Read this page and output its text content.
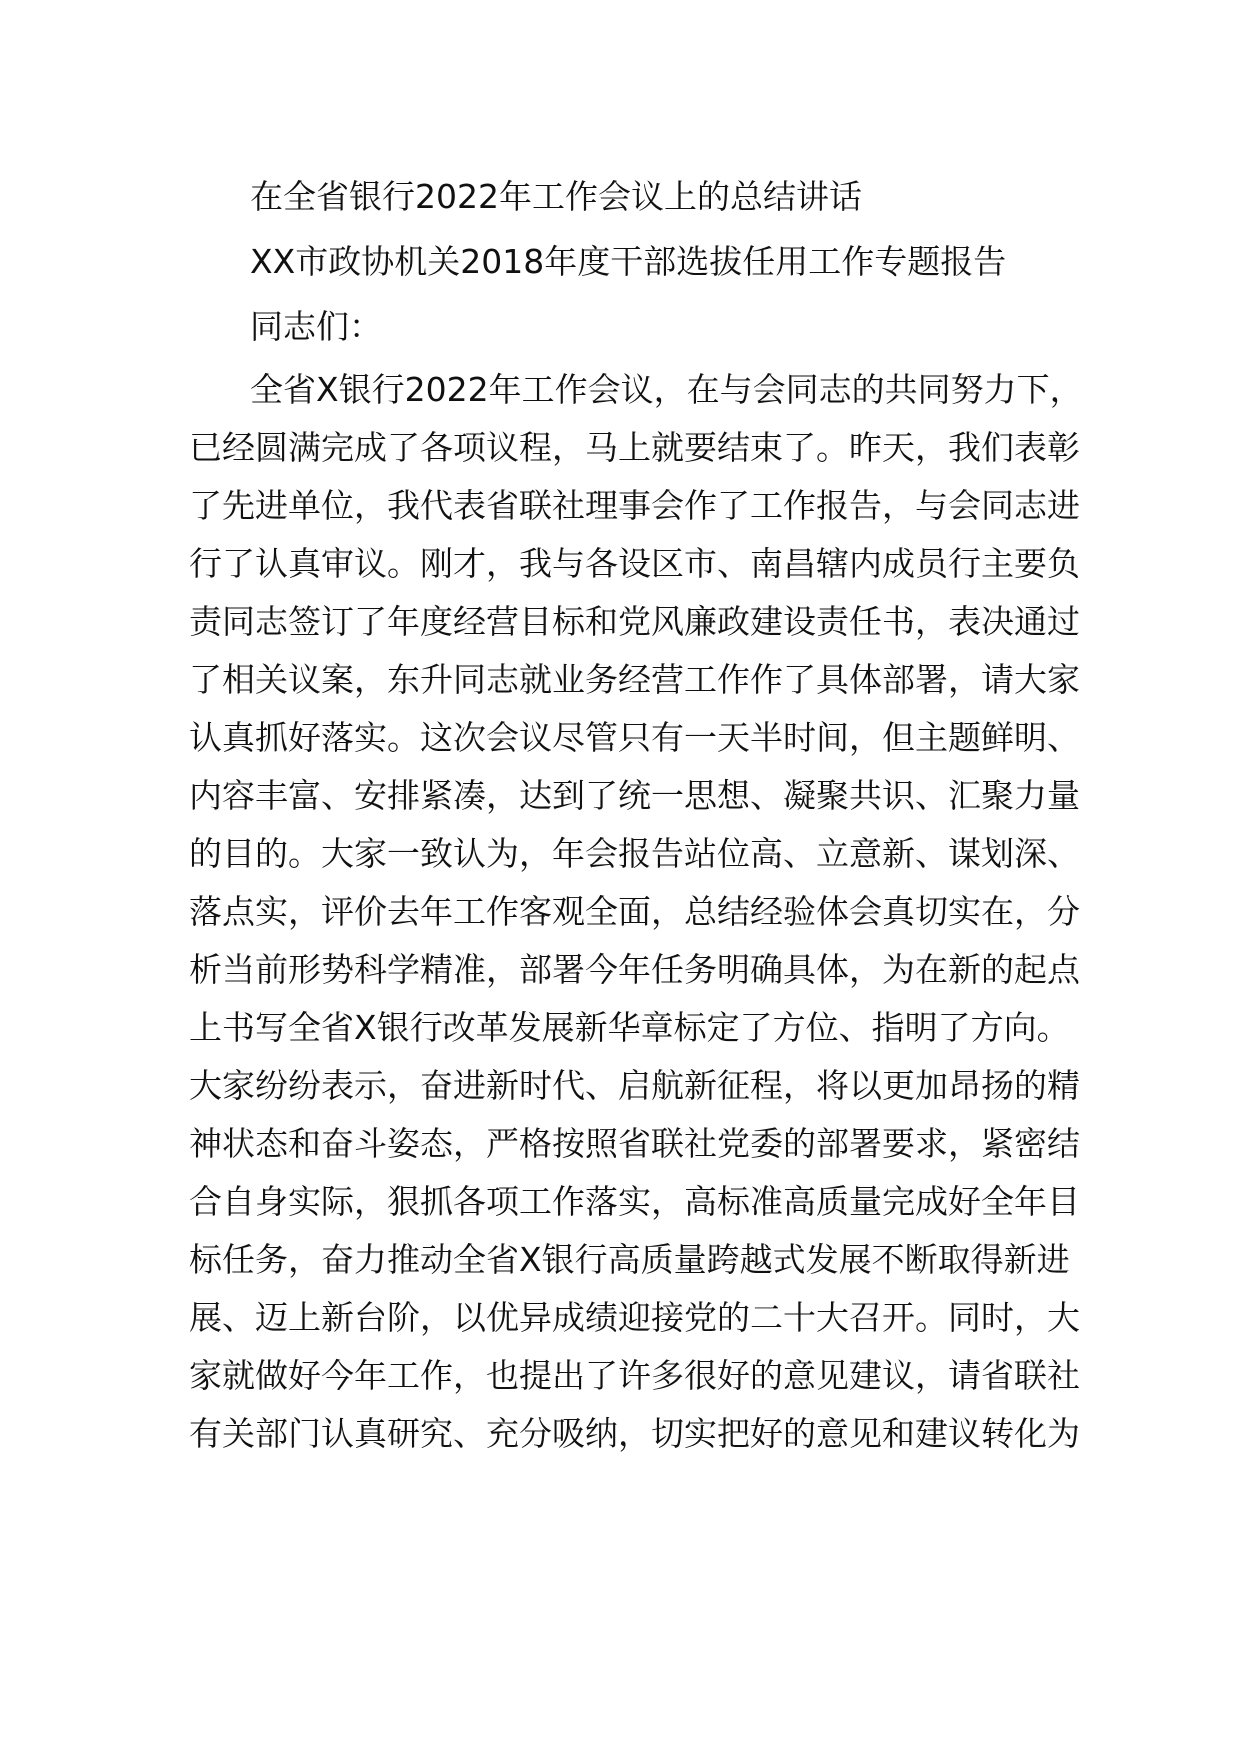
在全省银行2022年工作会议上的总结讲话
XX市政协机关2018年度干部选拔任用工作专题报告
同志们：
全省X银行2022年工作会议，在与会同志的共同努力下，
已经圆满完成了各项议程，马上就要结束了。昨天，我们表彰
了先进单位，我代表省联社理事会作了工作报告，与会同志进
行了认真审议。刚才，我与各设区市、南昌辖内成员行主要负
责同志签订了年度经营目标和党风廉政建设责任书，表决通过
了相关议案，东升同志就业务经营工作作了具体部署，请大家
认真抓好落实。这次会议尽管只有一天半时间，但主题鲜明、
内容丰富、安排紧凑，达到了统一思想、凝聚共识、汇聚力量
的目的。大家一致认为，年会报告站位高、立意新、谋划深、
落点实，评价去年工作客观全面，总结经验体会真切实在，分
析当前形势科学精准，部署今年任务明确具体，为在新的起点
上书写全省X银行改革发展新华章标定了方位、指明了方向。
大家纷纷表示，奋进新时代、启航新征程，将以更加昂扬的精
神状态和奋斗姿态，严格按照省联社党委的部署要求，紧密结
合自身实际，狠抓各项工作落实，高标准高质量完成好全年目
标任务，奋力推动全省X银行高质量跨越式发展不断取得新进
展、迈上新台阶，以优异成绩迎接党的二十大召开。同时，大
家就做好今年工作，也提出了许多很好的意见建议，请省联社
有关部门认真研究、充分吸纳，切实把好的意见和建议转化为
